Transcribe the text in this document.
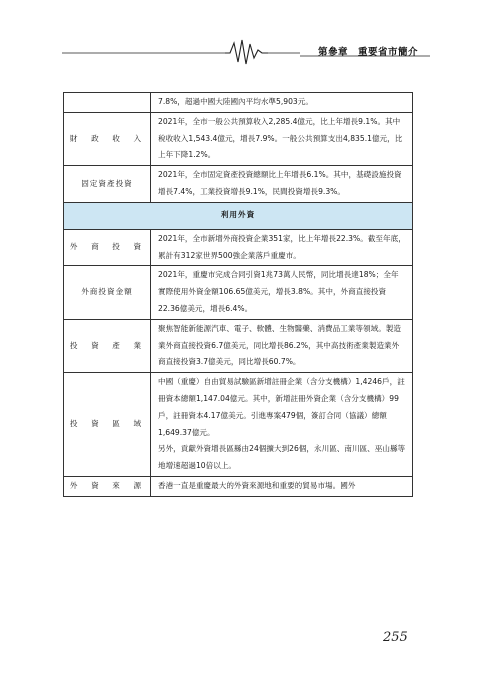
第參章　重要省市簡介

	7.8%，超過中國大陸國內平均水準5,903元。

財　政　收　入	2021年，全市一般公共預算收入2,285.4億元，比上年增長9.1%。其中稅收收入1,543.4億元，增長7.9%。一般公共預算支出4,835.1億元，比上年下降1.2%。

固定資產投資	2021年，全市固定資產投資總額比上年增長6.1%。其中，基礎設施投資增長7.4%，工業投資增長9.1%，民間投資增長9.3%。

利用外資	
外　商　投　資	2021年，全市新增外商投資企業351家，比上年增長22.3%。截至年底，累計有312家世界500強企業落戶重慶市。

外商投資金額	2021年，重慶市完成合同引資1兆73萬人民幣，同比增長達18%；全年實際使用外資金額106.65億美元，增長3.8%。其中，外商直接投資22.36億美元，增長6.4%。

投　資　產　業	聚焦智能新能源汽車、電子、軟體、生物醫藥、消費品工業等領域。製造業外商直接投資6.7億美元，同比增長86.2%，其中高技術產業製造業外商直接投資3.7億美元，同比增長60.7%。

投　資　區　域	中國（重慶）自由貿易試驗區新增註冊企業（含分支機構）1,4246戶，註冊資本總額1,147.04億元。其中，新增註冊外資企業（含分支機構）99戶，註冊資本4.17億美元。引進專案479個，簽訂合同（協議）總額1,649.37億元。

另外，貢獻外資增長區縣由24個擴大到26個，永川區、南川區、巫山縣等地增速超過10倍以上。

外　資　來　源	香港一直是重慶最大的外資來源地和重要的貿易市場。國外

255
